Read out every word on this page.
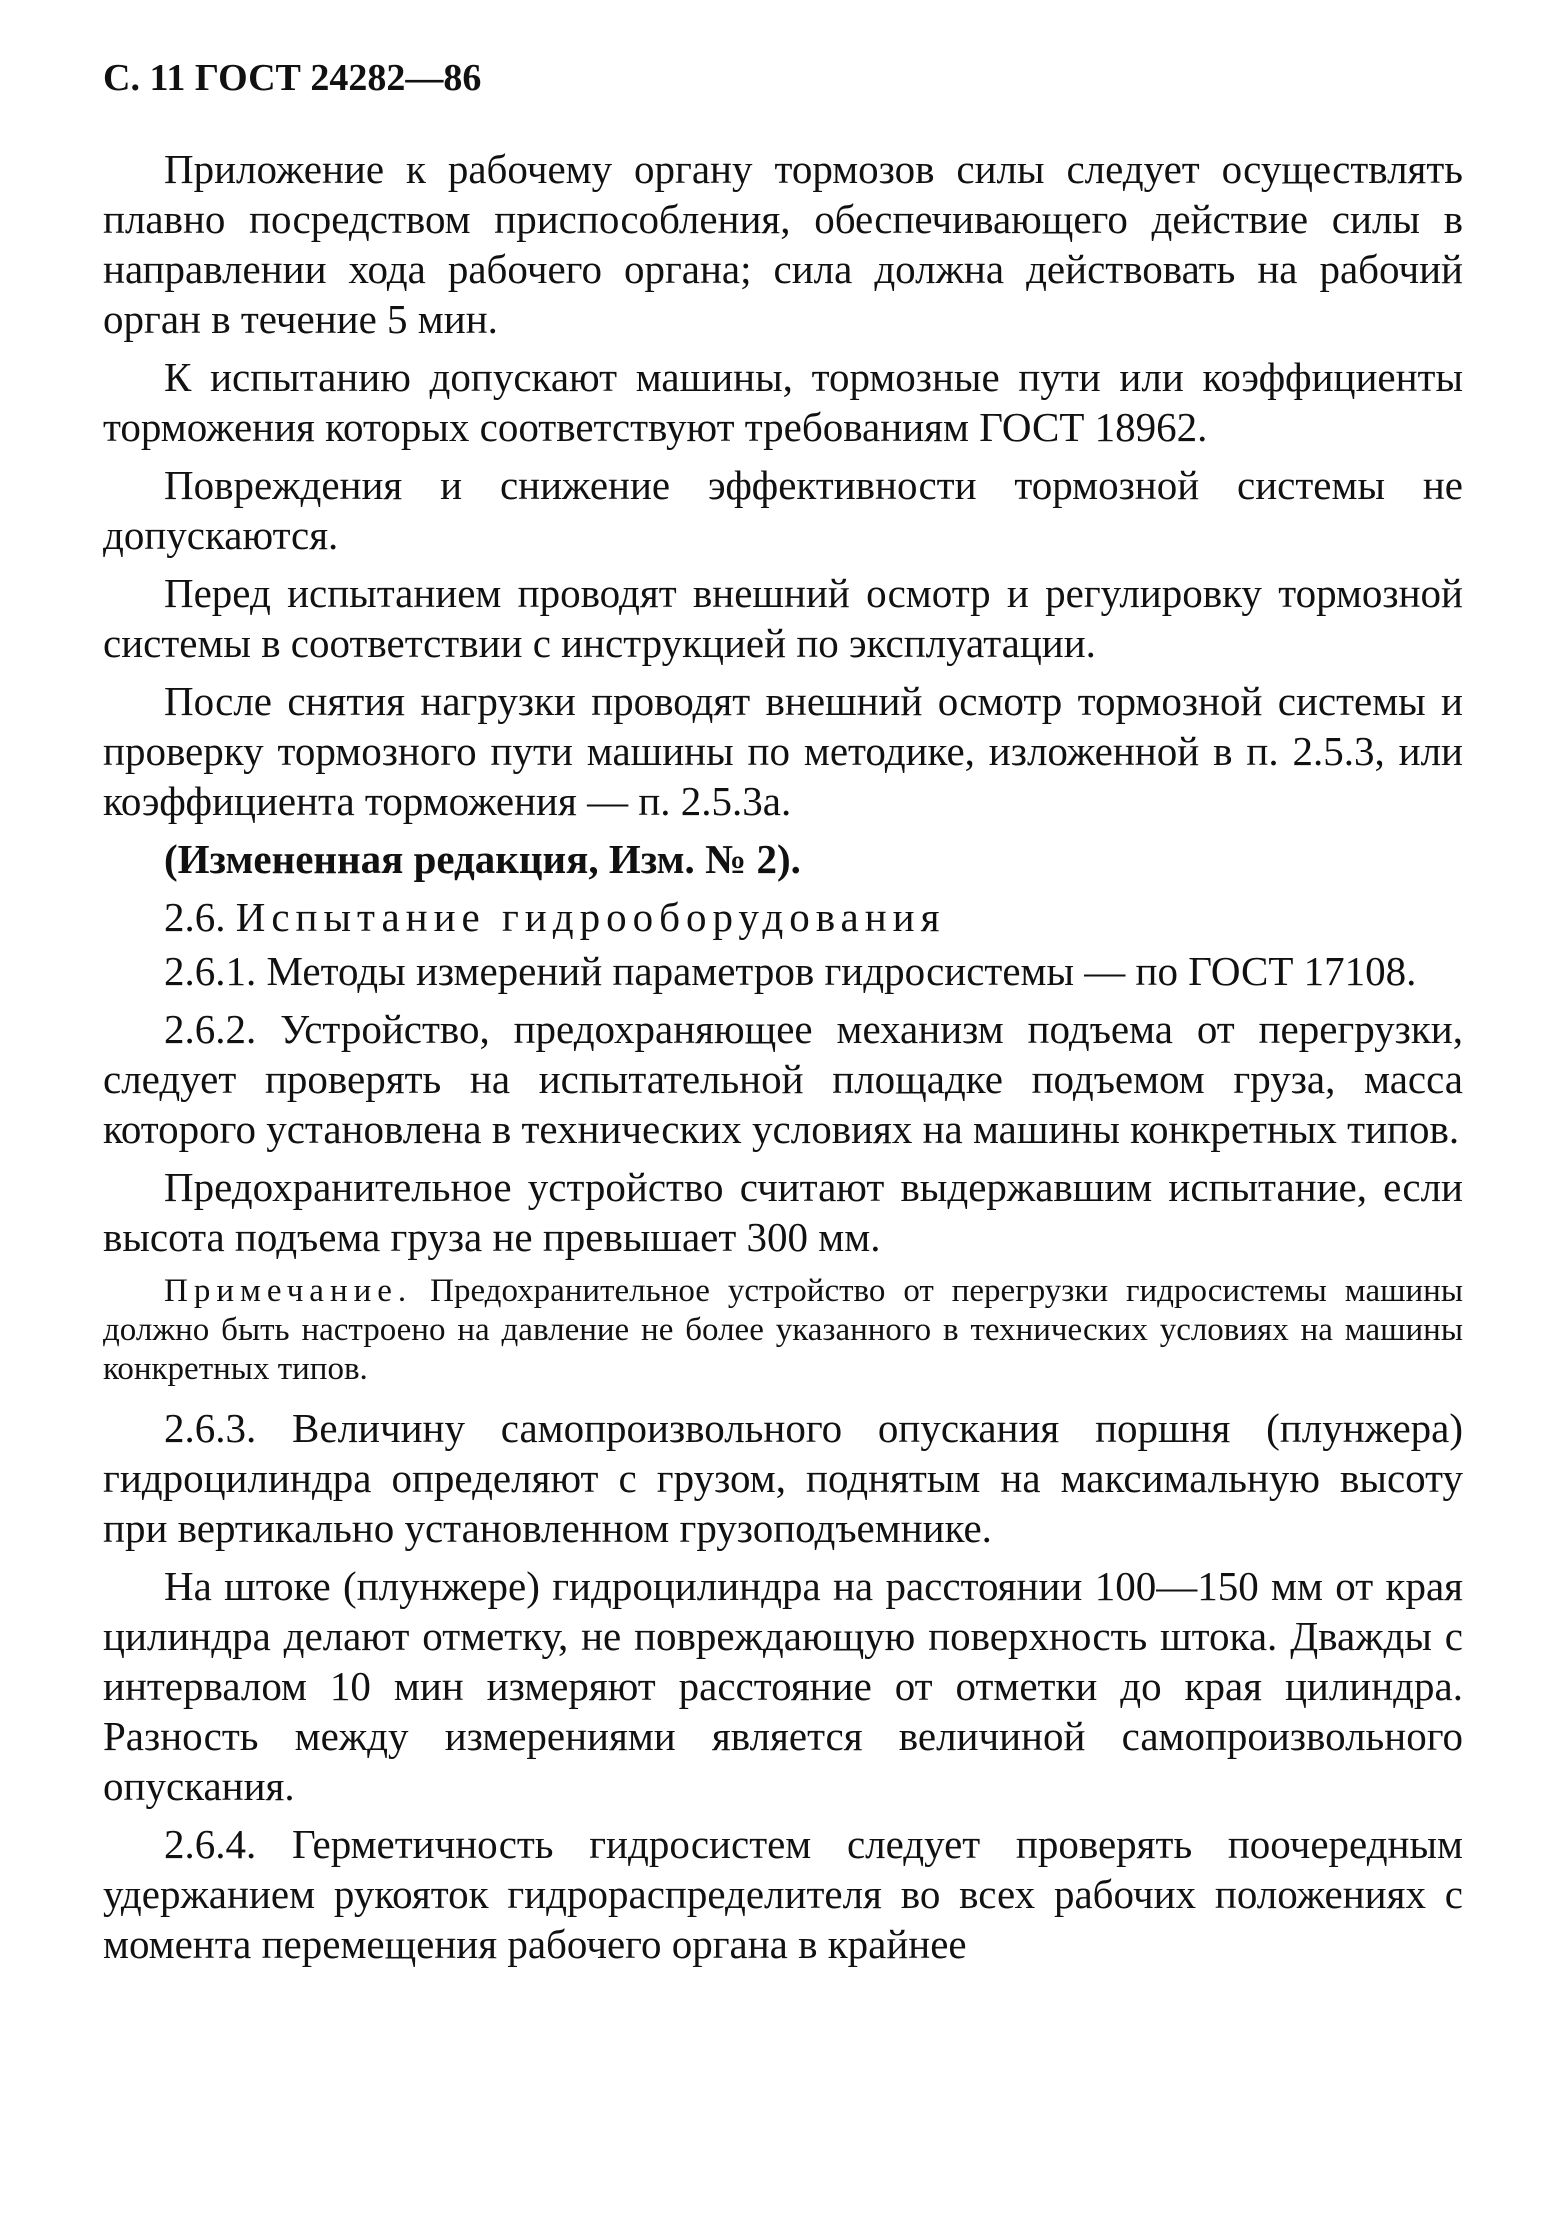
С. 11 ГОСТ 24282—86

Приложение к рабочему органу тормозов силы следует осуществлять плавно посредством приспособления, обеспечивающего действие силы в направлении хода рабочего органа; сила должна действовать на рабочий орган в течение 5 мин.

К испытанию допускают машины, тормозные пути или коэффициенты торможения которых соответствуют требованиям ГОСТ 18962.

Повреждения и снижение эффективности тормозной системы не допускаются.

Перед испытанием проводят внешний осмотр и регулировку тормозной системы в соответствии с инструкцией по эксплуатации.

После снятия нагрузки проводят внешний осмотр тормозной системы и проверку тормозного пути машины по методике, изложенной в п. 2.5.3, или коэффициента торможения — п. 2.5.3а.

(Измененная редакция, Изм. № 2).

2.6. Испытание гидрооборудования

2.6.1. Методы измерений параметров гидросистемы — по ГОСТ 17108.

2.6.2. Устройство, предохраняющее механизм подъема от перегрузки, следует проверять на испытательной площадке подъемом груза, масса которого установлена в технических условиях на машины конкретных типов.

Предохранительное устройство считают выдержавшим испытание, если высота подъема груза не превышает 300 мм.

Примечание. Предохранительное устройство от перегрузки гидросистемы машины должно быть настроено на давление не более указанного в технических условиях на машины конкретных типов.

2.6.3. Величину самопроизвольного опускания поршня (плунжера) гидроцилиндра определяют с грузом, поднятым на максимальную высоту при вертикально установленном грузоподъемнике.

На штоке (плунжере) гидроцилиндра на расстоянии 100—150 мм от края цилиндра делают отметку, не повреждающую поверхность штока. Дважды с интервалом 10 мин измеряют расстояние от отметки до края цилиндра. Разность между измерениями является величиной самопроизвольного опускания.

2.6.4. Герметичность гидросистем следует проверять поочередным удержанием рукояток гидрораспределителя во всех рабочих положениях с момента перемещения рабочего органа в крайнее
